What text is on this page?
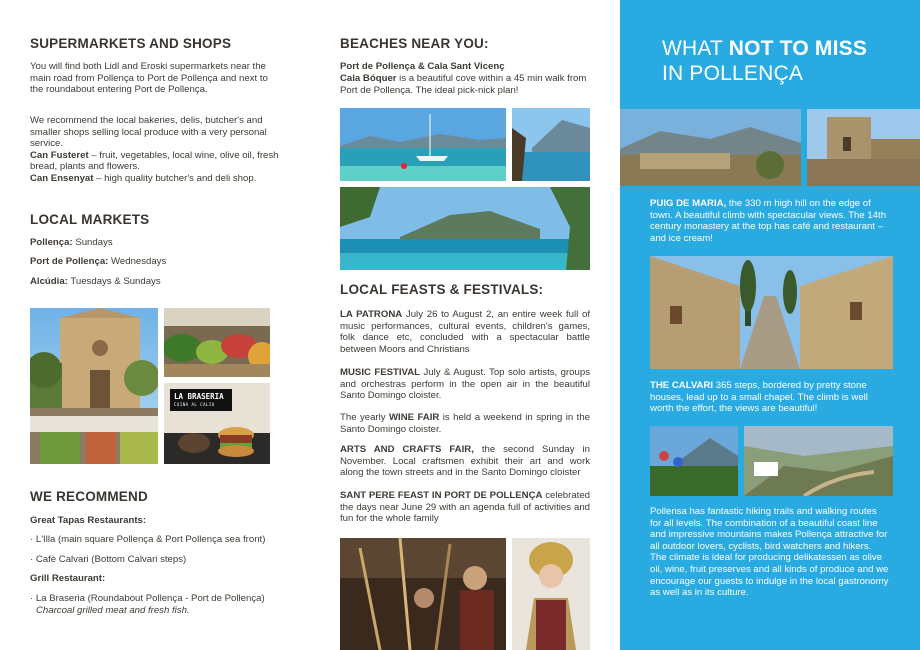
SUPERMARKETS AND SHOPS

You will find both Lidl and Eroski supermarkets near the main road from Pollença to Port de Pollença and next to the roundabout entering Port de Pollença.

We recommend the local bakeries, delis, butcher's and smaller shops selling local produce with a very personal service.
Can Fusteret – fruit, vegetables, local wine, olive oil, fresh bread, plants and flowers.
Can Ensenyat – high quality butcher's and deli shop.

LOCAL MARKETS

Pollença: Sundays

Port de Pollença: Wednesdays

Alcúdia: Tuesdays & Sundays

LA BRASERIA
CUINA AL CALIU
WE RECOMMEND

Great Tapas Restaurants:

· L'Illa (main square Pollença & Port Pollença sea front)

· Cafè Calvari (Bottom Calvari steps)

Grill Restaurant:

· La Braseria (Roundabout Pollença - Port de Pollença)

Charcoal grilled meat and fresh fish.

BEACHES NEAR YOU:

Port de Pollença & Cala Sant Vicenç

Cala Bóquer is a beautiful cove within a 45 min walk from Port de Pollença. The ideal pick-nick plan!

LOCAL FEASTS & FESTIVALS:

LA PATRONA July 26 to August 2, an entire week full of music performances, cultural events, children's games, folk dance etc, concluded with a spectacular battle between Moors and Christians

MUSIC FESTIVAL July & August. Top solo artists, groups and orchestras perform in the open air in the beautiful Santo Domingo cloister.

The yearly WINE FAIR is held a weekend in spring in the Santo Domingo cloister.

ARTS AND CRAFTS FAIR, the second Sunday in November. Local craftsmen exhibit their art and work along the town streets and in the Santo Domingo cloister

SANT PERE FEAST IN PORT DE POLLENÇA celebrated the days near June 29 with an agenda full of activities and fun for the whole family

WHAT NOT TO MISS
IN POLLENÇA

PUIG DE MARIA, the 330 m high hill on the edge of town. A beautiful climb with spectacular views. The 14th century monastery at the top has café and restaurant – and ice cream!

THE CALVARI 365 steps, bordered by pretty stone houses, lead up to a small chapel. The climb is well worth the effort, the views are beautiful!

Pollensa has fantastic hiking trails and walking routes for all levels. The combination of a beautiful coast line and impressive mountains makes Pollença attractive for all outdoor lovers, cyclists, bird watchers and hikers. The climate is ideal for producing delikatessen as olive oil, wine, fruit preserves and all kinds of produce and we encourage our guests to indulge in the local gastronomy as well as in its culture.
